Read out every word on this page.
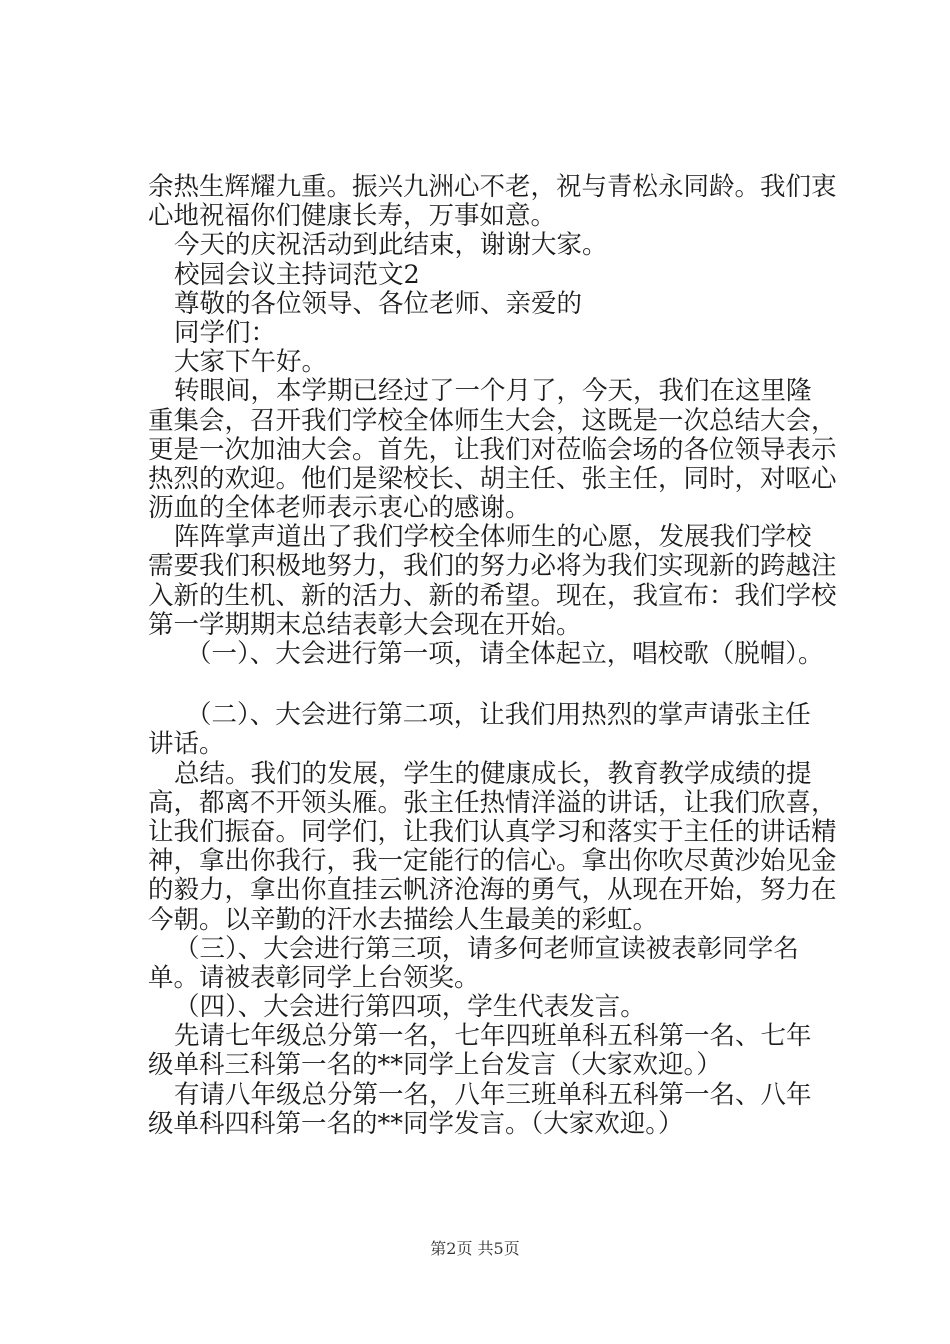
余热生辉耀九重。振兴九洲心不老，祝与青松永同龄。我们衷
心地祝福你们健康长寿，万事如意。
今天的庆祝活动到此结束，谢谢大家。
校园会议主持词范文2
尊敬的各位领导、各位老师、亲爱的
同学们：
大家下午好。
转眼间，本学期已经过了一个月了，今天，我们在这里隆
重集会，召开我们学校全体师生大会，这既是一次总结大会，
更是一次加油大会。首先，让我们对莅临会场的各位领导表示
热烈的欢迎。他们是梁校长、胡主任、张主任，同时，对呕心
沥血的全体老师表示衷心的感谢。
阵阵掌声道出了我们学校全体师生的心愿，发展我们学校
需要我们积极地努力，我们的努力必将为我们实现新的跨越注
入新的生机、新的活力、新的希望。现在，我宣布：我们学校
第一学期期末总结表彰大会现在开始。
（一）、大会进行第一项，请全体起立，唱校歌（脱帽）。
（二）、大会进行第二项，让我们用热烈的掌声请张主任
讲话。
总结。我们的发展，学生的健康成长，教育教学成绩的提
高，都离不开领头雁。张主任热情洋溢的讲话，让我们欣喜，
让我们振奋。同学们，让我们认真学习和落实于主任的讲话精
神，拿出你我行，我一定能行的信心。拿出你吹尽黄沙始见金
的毅力，拿出你直挂云帆济沧海的勇气，从现在开始，努力在
今朝。以辛勤的汗水去描绘人生最美的彩虹。
（三）、大会进行第三项，请多何老师宣读被表彰同学名
单。请被表彰同学上台领奖。
（四）、大会进行第四项，学生代表发言。
先请七年级总分第一名，七年四班单科五科第一名、七年
级单科三科第一名的**同学上台发言（大家欢迎。）
有请八年级总分第一名，八年三班单科五科第一名、八年
级单科四科第一名的**同学发言。（大家欢迎。）
第2页 共5页
